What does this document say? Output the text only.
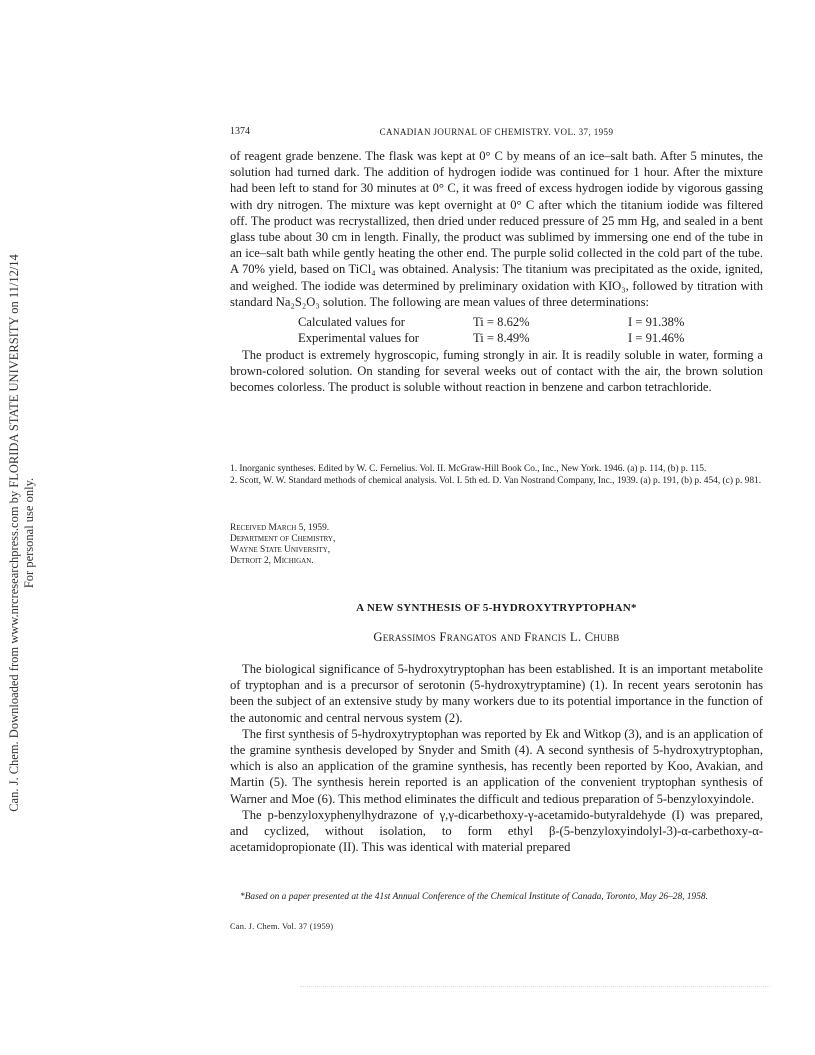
Can. J. Chem. Downloaded from www.nrcresearchpress.com by FLORIDA STATE UNIVERSITY on 11/12/14 For personal use only.
1374	CANADIAN JOURNAL OF CHEMISTRY. VOL. 37, 1959

of reagent grade benzene. The flask was kept at 0° C by means of an ice–salt bath. After 5 minutes, the solution had turned dark. The addition of hydrogen iodide was continued for 1 hour. After the mixture had been left to stand for 30 minutes at 0° C, it was freed of excess hydrogen iodide by vigorous gassing with dry nitrogen. The mixture was kept overnight at 0° C after which the titanium iodide was filtered off. The product was recrystallized, then dried under reduced pressure of 25 mm Hg, and sealed in a bent glass tube about 30 cm in length. Finally, the product was sublimed by immersing one end of the tube in an ice–salt bath while gently heating the other end. The purple solid collected in the cold part of the tube. A 70% yield, based on TiCl₄ was obtained. Analysis: The titanium was precipitated as the oxide, ignited, and weighed. The iodide was determined by preliminary oxidation with KIO₃, followed by titration with standard Na₂S₂O₃ solution. The following are mean values of three determinations:

Calculated values for	Ti = 8.62%	I = 91.38%
Experimental values for	Ti = 8.49%	I = 91.46%

The product is extremely hygroscopic, fuming strongly in air. It is readily soluble in water, forming a brown-colored solution. On standing for several weeks out of contact with the air, the brown solution becomes colorless. The product is soluble without reaction in benzene and carbon tetrachloride.

1. Inorganic syntheses. Edited by W. C. Fernelius. Vol. II. McGraw-Hill Book Co., Inc., New York. 1946. (a) p. 114, (b) p. 115.
2. Scott, W. W. Standard methods of chemical analysis. Vol. I. 5th ed. D. Van Nostrand Company, Inc., 1939. (a) p. 191, (b) p. 454, (c) p. 981.
Received March 5, 1959.
Department of Chemistry,
Wayne State University,
Detroit 2, Michigan.
A NEW SYNTHESIS OF 5-HYDROXYTRYPTOPHAN*
Gerassimos Frangatos and Francis L. Chubb

The biological significance of 5-hydroxytryptophan has been established. It is an important metabolite of tryptophan and is a precursor of serotonin (5-hydroxytryptamine) (1). In recent years serotonin has been the subject of an extensive study by many workers due to its potential importance in the function of the autonomic and central nervous system (2).

The first synthesis of 5-hydroxytryptophan was reported by Ek and Witkop (3), and is an application of the gramine synthesis developed by Snyder and Smith (4). A second synthesis of 5-hydroxytryptophan, which is also an application of the gramine synthesis, has recently been reported by Koo, Avakian, and Martin (5). The synthesis herein reported is an application of the convenient tryptophan synthesis of Warner and Moe (6). This method eliminates the difficult and tedious preparation of 5-benzyloxyindole.

The p-benzyloxyphenylhydrazone of γ,γ-dicarbethoxy-γ-acetamido-butyraldehyde (I) was prepared, and cyclized, without isolation, to form ethyl β-(5-benzyloxyindolyl-3)-α-carbethoxy-α-acetamidopropionate (II). This was identical with material prepared

*Based on a paper presented at the 41st Annual Conference of the Chemical Institute of Canada, Toronto, May 26–28, 1958.

Can. J. Chem. Vol. 37 (1959)
